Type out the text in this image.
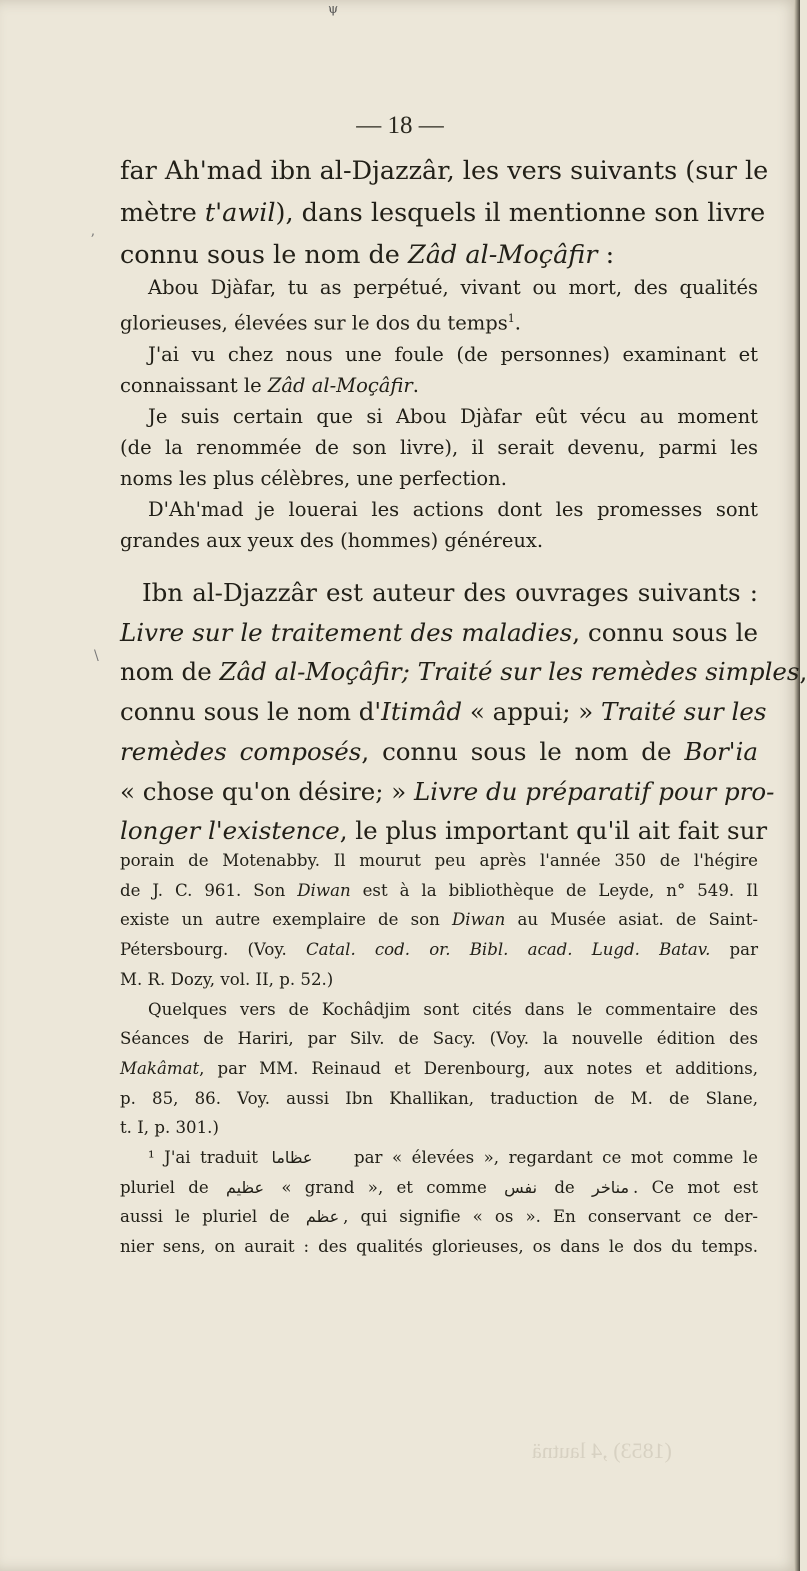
ψ
ʼ
\
— 18 —
far Ah'mad ibn al-Djazzâr, les vers suivants (sur le
mètre t'awil), dans lesquels il mentionne son livre
connu sous le nom de Zâd al-Moçâfir :
Abou Djàfar, tu as perpétué, vivant ou mort, des qualités
glorieuses, élevées sur le dos du temps$^1$.
J'ai vu chez nous une foule (de personnes) examinant et
connaissant le Zâd al-Moçâfir.
Je suis certain que si Abou Djàfar eût vécu au moment
(de la renommée de son livre), il serait devenu, parmi les
noms les plus célèbres, une perfection.
D'Ah'mad je louerai les actions dont les promesses sont
grandes aux yeux des (hommes) généreux.
Ibn al-Djazzâr est auteur des ouvrages suivants :
Livre sur le traitement des maladies, connu sous le
nom de Zâd al-Moçâfir; Traité sur les remèdes simples,
connu sous le nom d'Itimâd « appui; » Traité sur les
remèdes composés, connu sous le nom de Bor'ia
« chose qu'on désire; » Livre du préparatif pour pro-
longer l'existence, le plus important qu'il ait fait sur
porain de Motenabby. Il mourut peu après l'année 350 de l'hégire
de J. C. 961. Son Diwan est à la bibliothèque de Leyde, n° 549. Il
existe un autre exemplaire de son Diwan au Musée asiat. de Saint-
Pétersbourg. (Voy. Catal. cod. or. Bibl. acad. Lugd. Batav. par
M. R. Dozy, vol. II, p. 52.)
Quelques vers de Kochâdjim sont cités dans le commentaire des
Séances de Hariri, par Silv. de Sacy. (Voy. la nouvelle édition des
Makâmat, par MM. Reinaud et Derenbourg, aux notes et additions,
p. 85, 86. Voy. aussi Ibn Khallikan, traduction de M. de Slane,
t. I, p. 301.)
¹ J'ai traduit عظاما	par « élevées », regardant ce mot comme le
pluriel de عظيم « grand », et comme نفس de مناخر . Ce mot est
aussi le pluriel de عظم , qui signifie « os ». En conservant ce der-
nier sens, on aurait : des qualités glorieuses, os dans le dos du temps.
(1853) ,4 lautnä
